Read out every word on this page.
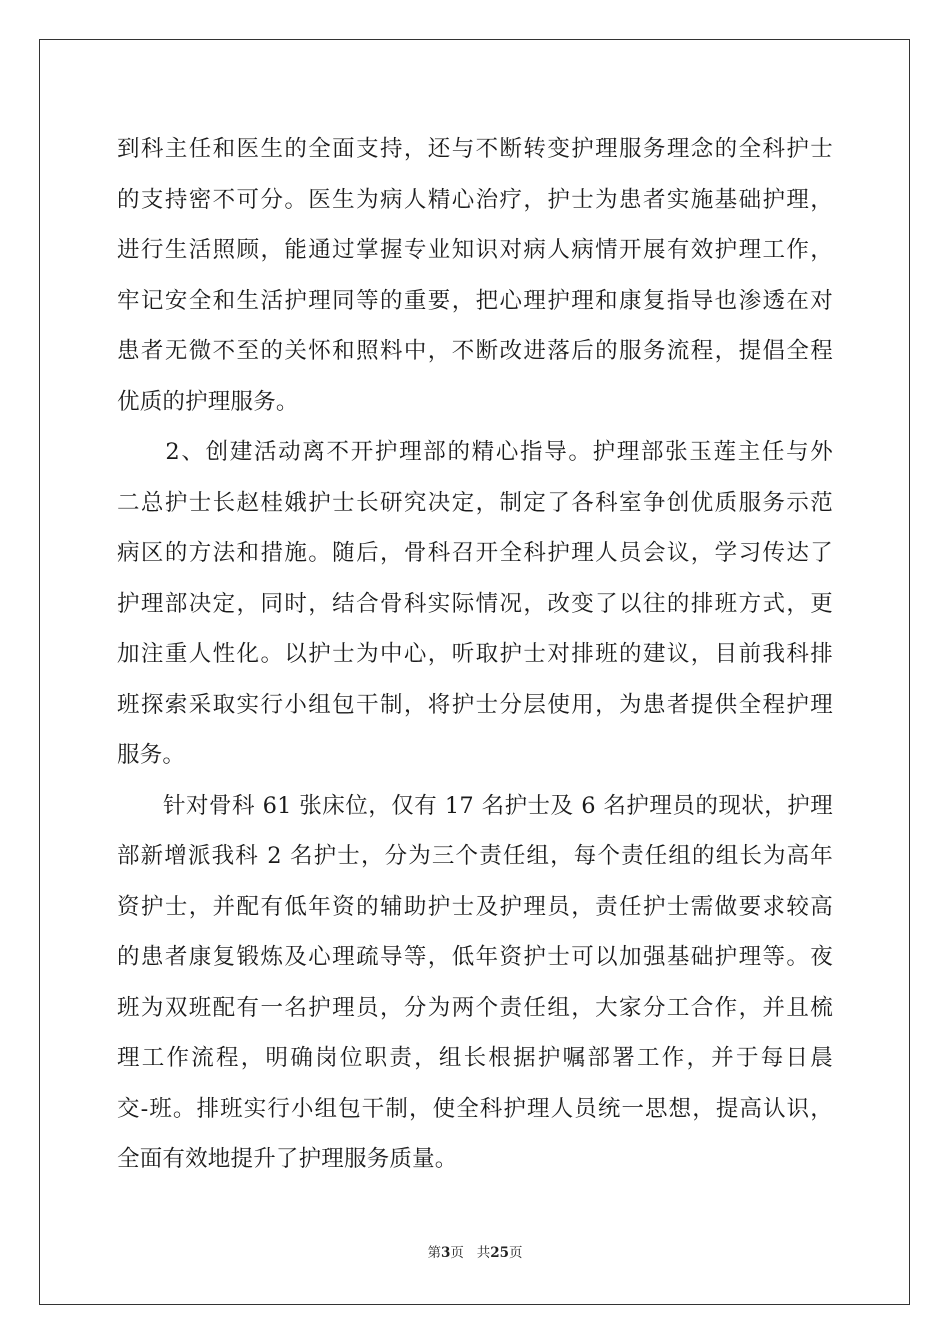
到科主任和医生的全面支持，还与不断转变护理服务理念的全科护士
的支持密不可分。医生为病人精心治疗，护士为患者实施基础护理，
进行生活照顾，能通过掌握专业知识对病人病情开展有效护理工作，
牢记安全和生活护理同等的重要，把心理护理和康复指导也渗透在对
患者无微不至的关怀和照料中，不断改进落后的服务流程，提倡全程
优质的护理服务。
　　2、创建活动离不开护理部的精心指导。护理部张玉莲主任与外
二总护士长赵桂娥护士长研究决定，制定了各科室争创优质服务示范
病区的方法和措施。随后，骨科召开全科护理人员会议，学习传达了
护理部决定，同时，结合骨科实际情况，改变了以往的排班方式，更
加注重人性化。以护士为中心，听取护士对排班的建议，目前我科排
班探索采取实行小组包干制，将护士分层使用，为患者提供全程护理
服务。
　　针对骨科 61 张床位，仅有 17 名护士及 6 名护理员的现状，护理
部新增派我科 2 名护士，分为三个责任组，每个责任组的组长为高年
资护士，并配有低年资的辅助护士及护理员，责任护士需做要求较高
的患者康复锻炼及心理疏导等，低年资护士可以加强基础护理等。夜
班为双班配有一名护理员，分为两个责任组，大家分工合作，并且梳
理工作流程，明确岗位职责，组长根据护嘱部署工作，并于每日晨
交-班。排班实行小组包干制，使全科护理人员统一思想，提高认识，
全面有效地提升了护理服务质量。
第3页 共25页
